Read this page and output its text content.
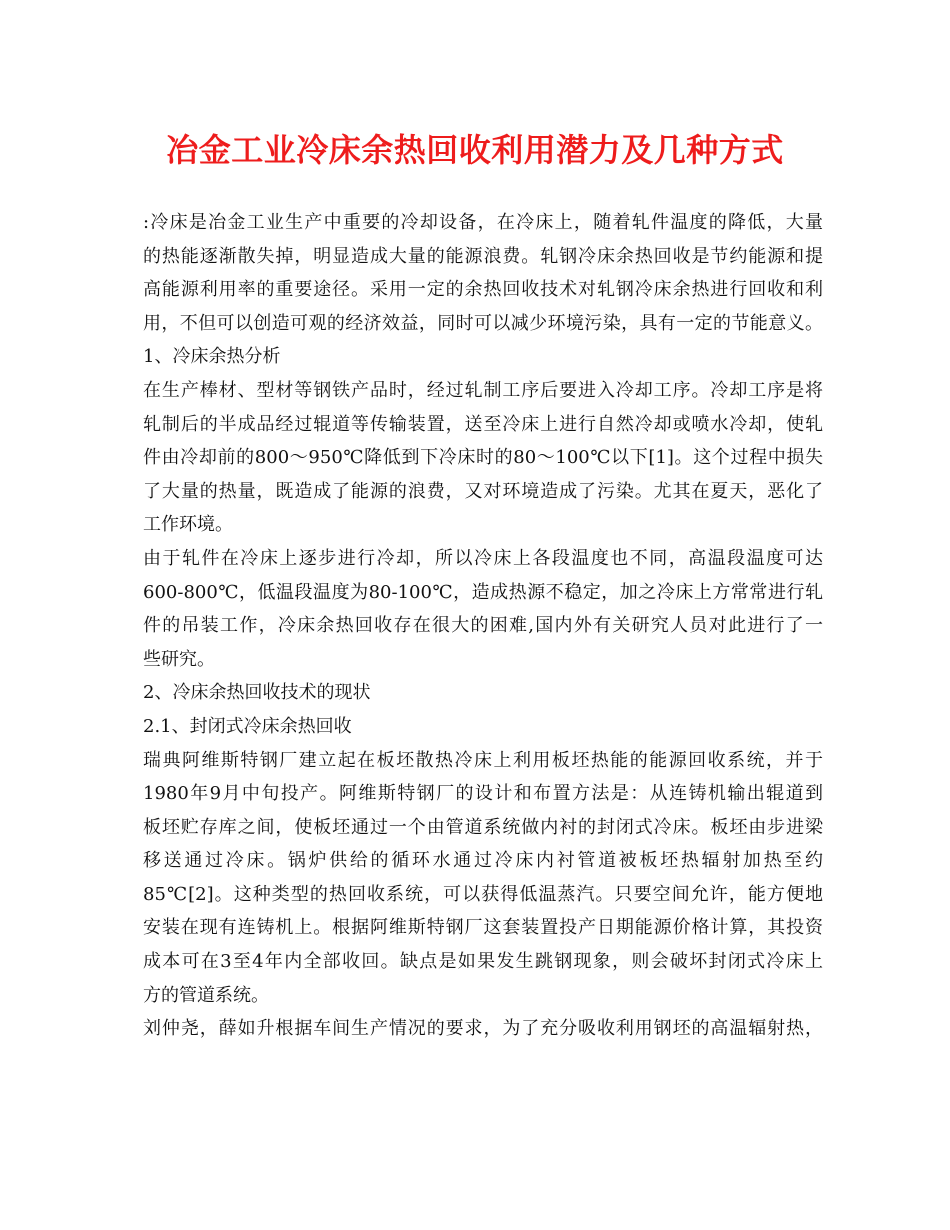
冶金工业冷床余热回收利用潜力及几种方式
:冷床是冶金工业生产中重要的冷却设备，在冷床上，随着轧件温度的降低，大量
的热能逐渐散失掉，明显造成大量的能源浪费。轧钢冷床余热回收是节约能源和提
高能源利用率的重要途径。采用一定的余热回收技术对轧钢冷床余热进行回收和利
用，不但可以创造可观的经济效益，同时可以减少环境污染，具有一定的节能意义。
1、冷床余热分析
在生产棒材、型材等钢铁产品时，经过轧制工序后要进入冷却工序。冷却工序是将
轧制后的半成品经过辊道等传输装置，送至冷床上进行自然冷却或喷水冷却，使轧
件由冷却前的800～950℃降低到下冷床时的80～100℃以下[1]。这个过程中损失
了大量的热量，既造成了能源的浪费，又对环境造成了污染。尤其在夏天，恶化了
工作环境。
由于轧件在冷床上逐步进行冷却，所以冷床上各段温度也不同，高温段温度可达
600-800℃，低温段温度为80-100℃，造成热源不稳定，加之冷床上方常常进行轧
件的吊装工作，冷床余热回收存在很大的困难,国内外有关研究人员对此进行了一
些研究。
2、冷床余热回收技术的现状
2.1、封闭式冷床余热回收
瑞典阿维斯特钢厂建立起在板坯散热冷床上利用板坯热能的能源回收系统，并于
1980年9月中旬投产。阿维斯特钢厂的设计和布置方法是：从连铸机输出辊道到
板坯贮存库之间，使板坯通过一个由管道系统做内衬的封闭式冷床。板坯由步进梁
移送通过冷床。锅炉供给的循环水通过冷床内衬管道被板坯热辐射加热至约
85℃[2]。这种类型的热回收系统，可以获得低温蒸汽。只要空间允许，能方便地
安装在现有连铸机上。根据阿维斯特钢厂这套装置投产日期能源价格计算，其投资
成本可在3至4年内全部收回。缺点是如果发生跳钢现象，则会破坏封闭式冷床上
方的管道系统。
刘仲尧，薛如升根据车间生产情况的要求，为了充分吸收利用钢坯的高温辐射热，
